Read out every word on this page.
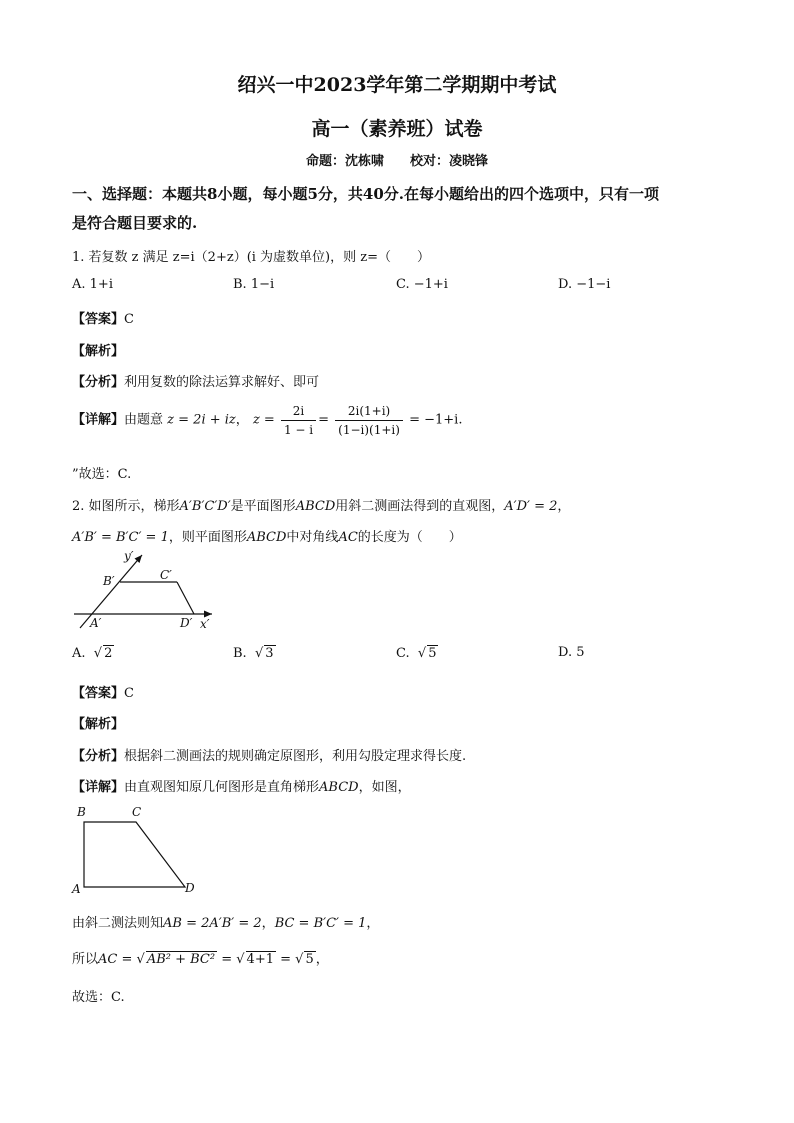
绍兴一中2023学年第二学期期中考试
高一（素养班）试卷
命题：沈栋啸　　校对：凌晓锋
一、选择题：本题共8小题，每小题5分，共40分.在每小题给出的四个选项中，只有一项
是符合题目要求的.
1. 若复数 z 满足 z=i（2+z）(i 为虚数单位)，则 z=（　　）
A. 1+i	B. 1−i	C. −1+i	D. −1−i
【答案】C
【解析】
【分析】利用复数的除法运算求解好、即可
【详解】由题意 z = 2i + iz， $z = \frac{2i}{1 - i} = \frac{2i(1+i)}{(1-i)(1+i)} = -1+i$.
”故选：C.
2. 如图所示，梯形A′B′C′D′是平面图形ABCD用斜二测画法得到的直观图，A′D′ = 2，
A′B′ = B′C′ = 1，则平面图形ABCD中对角线AC的长度为（　　）
y′
x′
B′	C′
A′	D′
A.  √ 2	B.  √ 3	C.  √ 5	D. 5
【答案】C
【解析】
【分析】根据斜二测画法的规则确定原图形，利用勾股定理求得长度.
【详解】由直观图知原几何图形是直角梯形ABCD，如图，
B	C
A	D
由斜二测法则知AB = 2A′B′ = 2，BC = B′C′ = 1，
所以AC = √ AB² + BC² = √ 4+1 = √ 5 ，
故选：C.
